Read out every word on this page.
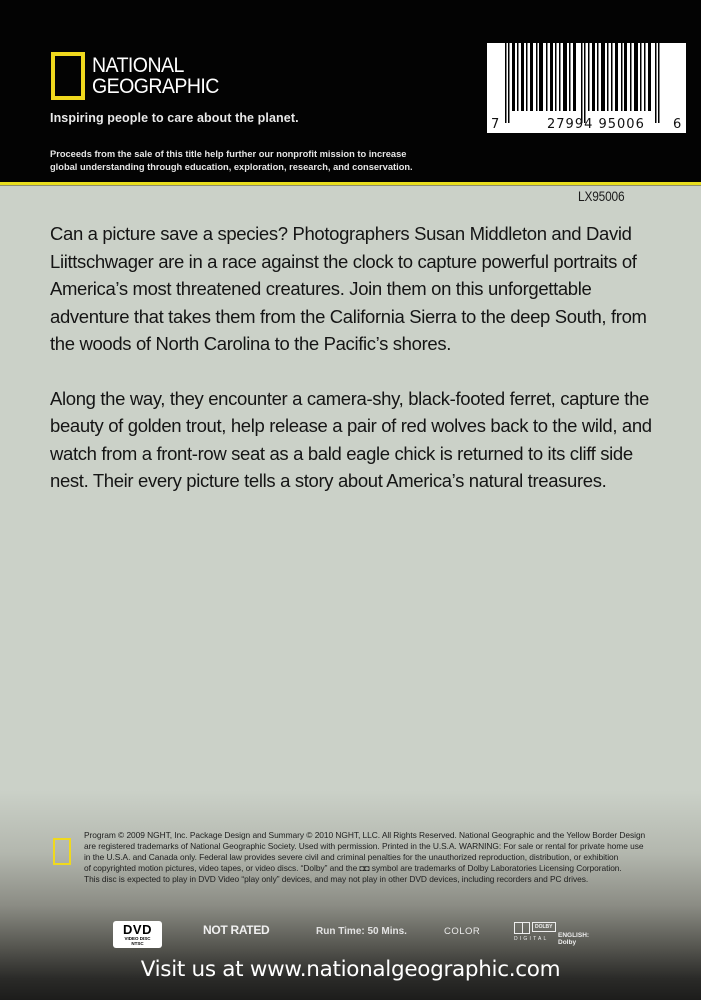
NATIONAL
GEOGRAPHIC
Inspiring people to care about the planet.
Proceeds from the sale of this title help further our nonprofit mission to increase
global understanding through education, exploration, research, and conservation.
7	27994 95006 6
LX95006

Can a picture save a species? Photographers Susan Middleton and David Liittschwager are in a race against the clock to capture powerful portraits of America’s most threatened creatures. Join them on this unforgettable adventure that takes them from the California Sierra to the deep South, from the woods of North Carolina to the Pacific’s shores.

Along the way, they encounter a camera-shy, black-footed ferret, capture the beauty of golden trout, help release a pair of red wolves back to the wild, and watch from a front-row seat as a bald eagle chick is returned to its cliff side nest. Their every picture tells a story about America’s natural treasures.

Program © 2009 NGHT, Inc. Package Design and Summary © 2010 NGHT, LLC. All Rights Reserved. National Geographic and the Yellow Border Design

are registered trademarks of National Geographic Society. Used with permission. Printed in the U.S.A. WARNING: For sale or rental for private home use

in the U.S.A. and Canada only. Federal law provides severe civil and criminal penalties for the unauthorized reproduction, distribution, or exhibition

of copyrighted motion pictures, video tapes, or video discs. “Dolby” and the ◘◘ symbol are trademarks of Dolby Laboratories Licensing Corporation.

This disc is expected to play in DVD Video “play only” devices, and may not play in other DVD devices, including recorders and PC drives.

DVD
VIDEO DISC
NTSC
NOT RATED	Run Time: 50 Mins.	COLOR	DOLBY
DIGITAL ENGLISH: Dolby
Visit us at www.nationalgeographic.com
